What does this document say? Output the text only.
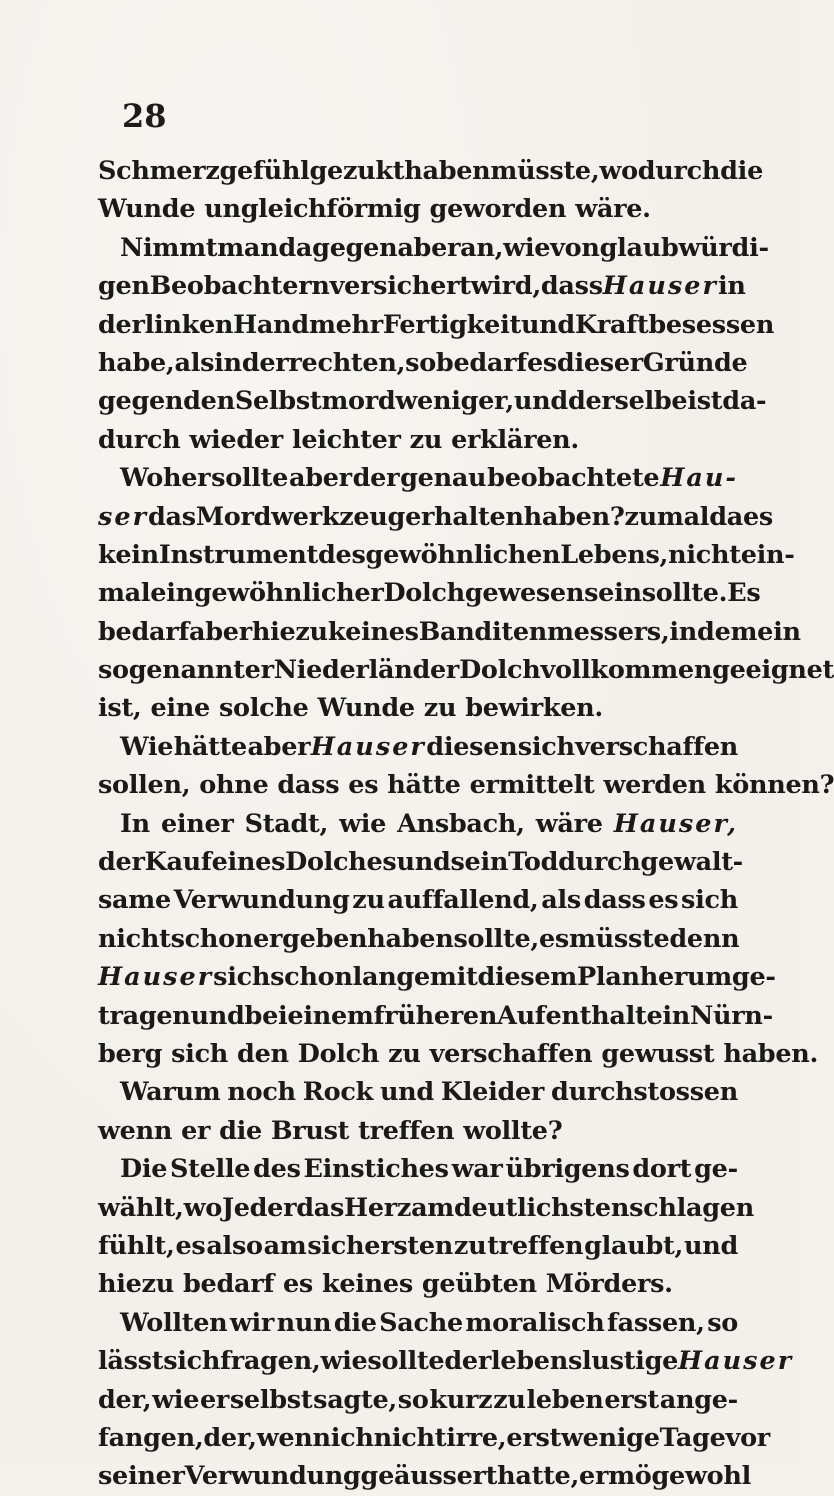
28
Schmerzgefühl gezukt haben müsste, wodurch die
Wunde ungleichförmig geworden wäre.
Nimmt man dagegen aber an, wie von glaubwürdi-
gen Beobachtern versichert wird, dass Hauser in
der linken Hand mehr Fertigkeit und Kraft besessen
habe, als in der rechten, so bedarf es dieser Gründe
gegen den Selbstmord weniger, und derselbe ist da-
durch wieder leichter zu erklären.
Woher sollte aber der genau beobachtete Hau-
ser das Mordwerkzeug erhalten haben? zumal da es
kein Instrument des gewöhnlichen Lebens, nicht ein-
mal ein gewöhnlicher Dolch gewesen sein sollte. Es
bedarf aber hiezu keines Banditenmessers, indem ein
sogenannter Niederländer Dolch vollkommen geeignet
ist, eine solche Wunde zu bewirken.
Wie hätte aber Hauser diesen sich verschaffen
sollen, ohne dass es hätte ermittelt werden können?
In einer Stadt, wie Ansbach, wäre Hauser,
der Kauf eines Dolches und sein Tod durch gewalt-
same Verwundung zu auffallend, als dass es sich
nicht schon ergeben haben sollte, es müsste denn
Hauser sich schon lange mit diesem Plan herumge-
tragen und bei einem früheren Aufenthalte in Nürn-
berg sich den Dolch zu verschaffen gewusst haben.
Warum noch Rock und Kleider durchstossen
wenn er die Brust treffen wollte?
Die Stelle des Einstiches war übrigens dort ge-
wählt, wo Jeder das Herz am deutlichsten schlagen
fühlt, es also am sichersten zu treffen glaubt, und
hiezu bedarf es keines geübten Mörders.
Wollten wir nun die Sache moralisch fassen, so
lässt sich fragen, wie sollte der lebenslustige Hauser
der, wie er selbst sagte, so kurz zu leben erst ange-
fangen, der, wenn ich nicht irre, erst wenige Tage vor
seiner Verwundung geäussert hatte, er möge wohl
